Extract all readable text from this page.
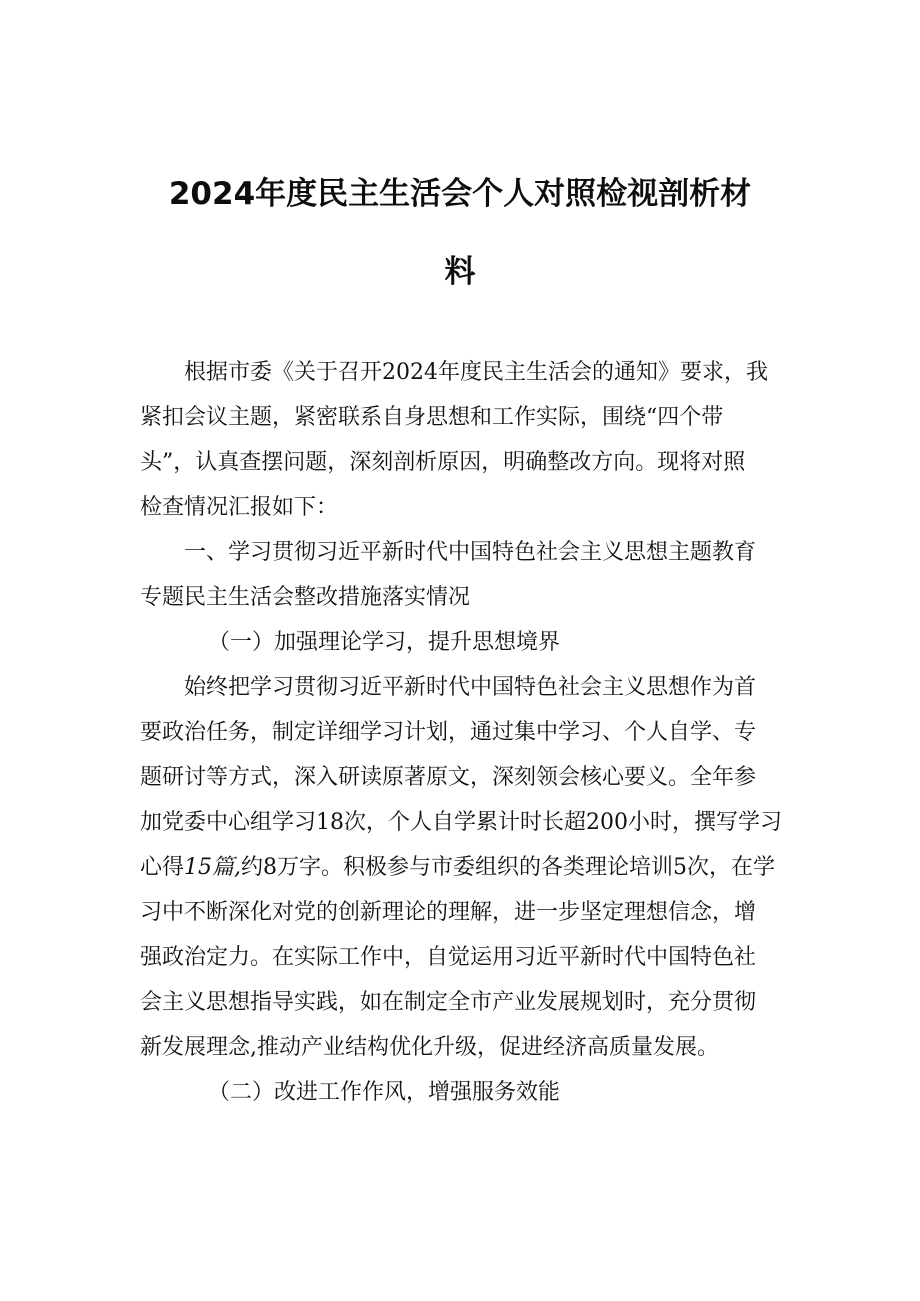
2024年度民主生活会个人对照检视剖析材
料
根据市委《关于召开2024年度民主生活会的通知》要求，我
紧扣会议主题，紧密联系自身思想和工作实际，围绕“四个带
头”，认真查摆问题，深刻剖析原因，明确整改方向。现将对照
检查情况汇报如下：
一、学习贯彻习近平新时代中国特色社会主义思想主题教育
专题民主生活会整改措施落实情况
（一）加强理论学习，提升思想境界
始终把学习贯彻习近平新时代中国特色社会主义思想作为首
要政治任务，制定详细学习计划，通过集中学习、个人自学、专
题研讨等方式，深入研读原著原文，深刻领会核心要义。全年参
加党委中心组学习18次，个人自学累计时长超200小时，撰写学习
心得15篇,约8万字。积极参与市委组织的各类理论培训5次，在学
习中不断深化对党的创新理论的理解，进一步坚定理想信念，增
强政治定力。在实际工作中，自觉运用习近平新时代中国特色社
会主义思想指导实践，如在制定全市产业发展规划时，充分贯彻
新发展理念,推动产业结构优化升级，促进经济高质量发展。
（二）改进工作作风，增强服务效能
